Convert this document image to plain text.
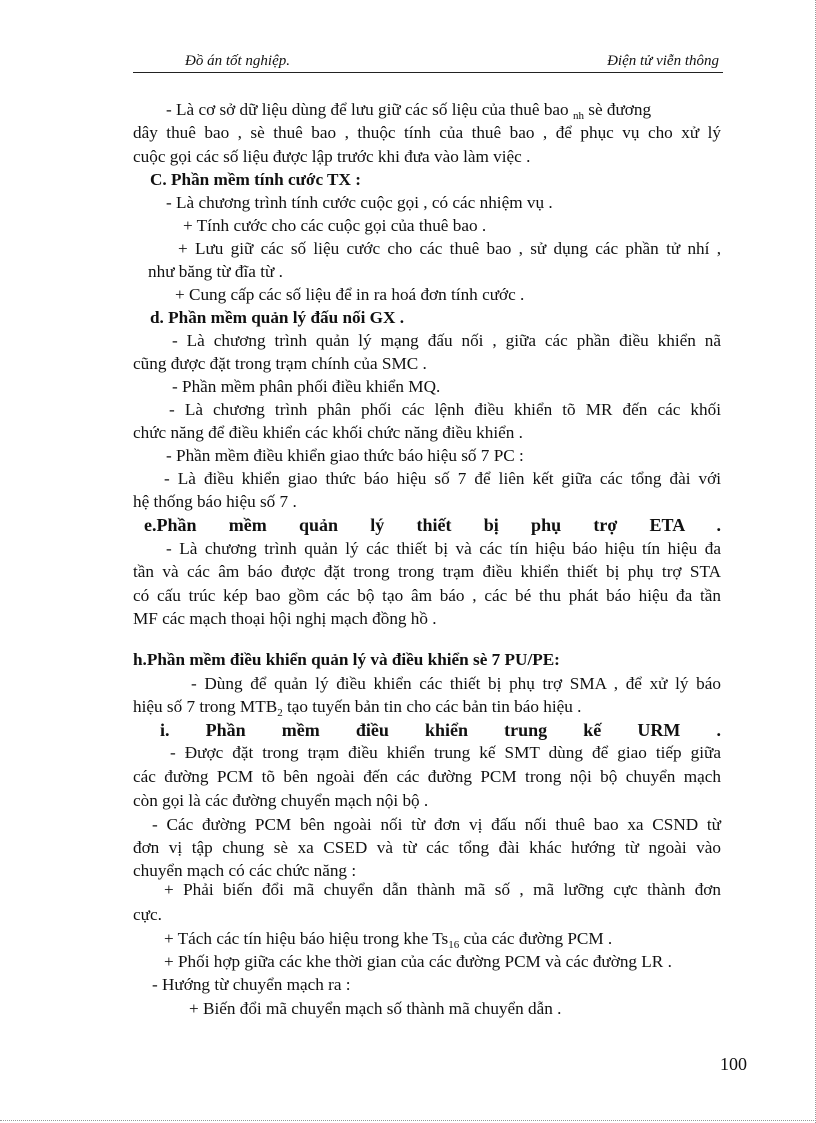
Đồ án tốt nghiệp.	Điện tử viễn thông
- Là cơ sở dữ liệu dùng để lưu giữ các số liệu của thuê bao $_{nh}$ sè đương
dây thuê bao , sè thuê bao , thuộc tính của thuê bao , để phục vụ cho xử lý
cuộc gọi các số liệu được lập trước khi đưa vào làm việc .
C. Phần mềm tính cước TX :
- Là chương trình tính cước cuộc gọi , có các nhiệm vụ .
+ Tính cước cho các cuộc gọi của thuê bao .
+ Lưu giữ các số liệu cước cho các thuê bao , sử dụng các phần tử nhí ,
như băng từ đĩa từ .
+ Cung cấp các số liệu để in ra hoá đơn tính cước .
d. Phần mềm quản lý đấu nối GX .
- Là chương trình quản lý mạng đấu nối , giữa các phần điều khiển nã
cũng được đặt trong trạm chính của SMC .
- Phần mềm phân phối điều khiển MQ.
- Là chương trình phân phối các lệnh điều khiển tõ MR đến các khối
chức năng để điều khiển các khối chức năng điều khiển .
- Phần mềm điều khiển giao thức báo hiệu số 7 PC :
- Là điều khiển giao thức báo hiệu số 7 để liên kết giữa các tổng đài với
hệ thống báo hiệu số 7 .
e.Phần mềm quản lý thiết bị phụ trợ ETA .
- Là chương trình quản lý các thiết bị và các tín hiệu báo hiệu tín hiệu đa
tần và các âm báo được đặt trong trong trạm điều khiển thiết bị phụ trợ STA
có cấu trúc kép bao gồm các bộ tạo âm báo , các bé thu phát báo hiệu đa tần
MF các mạch thoại hội nghị mạch đồng hồ .
h.Phần mềm điều khiển quản lý và điều khiển sè 7 PU/PE:
- Dùng để quản lý điều khiển các thiết bị phụ trợ SMA , để xử lý báo
hiệu số 7 trong $MTB_2$ tạo tuyến bản tin cho các bản tin báo hiệu .
i. Phần mềm điều khiển trung kế URM .
- Được đặt trong trạm điều khiển trung kế SMT dùng để giao tiếp giữa
các đường PCM tõ bên ngoài đến các đường PCM trong nội bộ chuyển mạch
còn gọi là các đường chuyển mạch nội bộ .
- Các đường PCM bên ngoài nối từ đơn vị đấu nối thuê bao xa CSND từ
đơn vị tập chung sè xa CSED và từ các tổng đài khác hướng từ ngoài vào
chuyển mạch có các chức năng :
+ Phải biến đổi mã chuyển dẫn thành mã số , mã lưỡng cực thành đơn
cực.
+ Tách các tín hiệu báo hiệu trong khe $Ts_{16}$ của các đường PCM .
+ Phối hợp giữa các khe thời gian của các đường PCM và các đường LR .
- Hướng từ chuyển mạch ra :
+ Biến đổi mã chuyển mạch số thành mã chuyển dẫn .
100
